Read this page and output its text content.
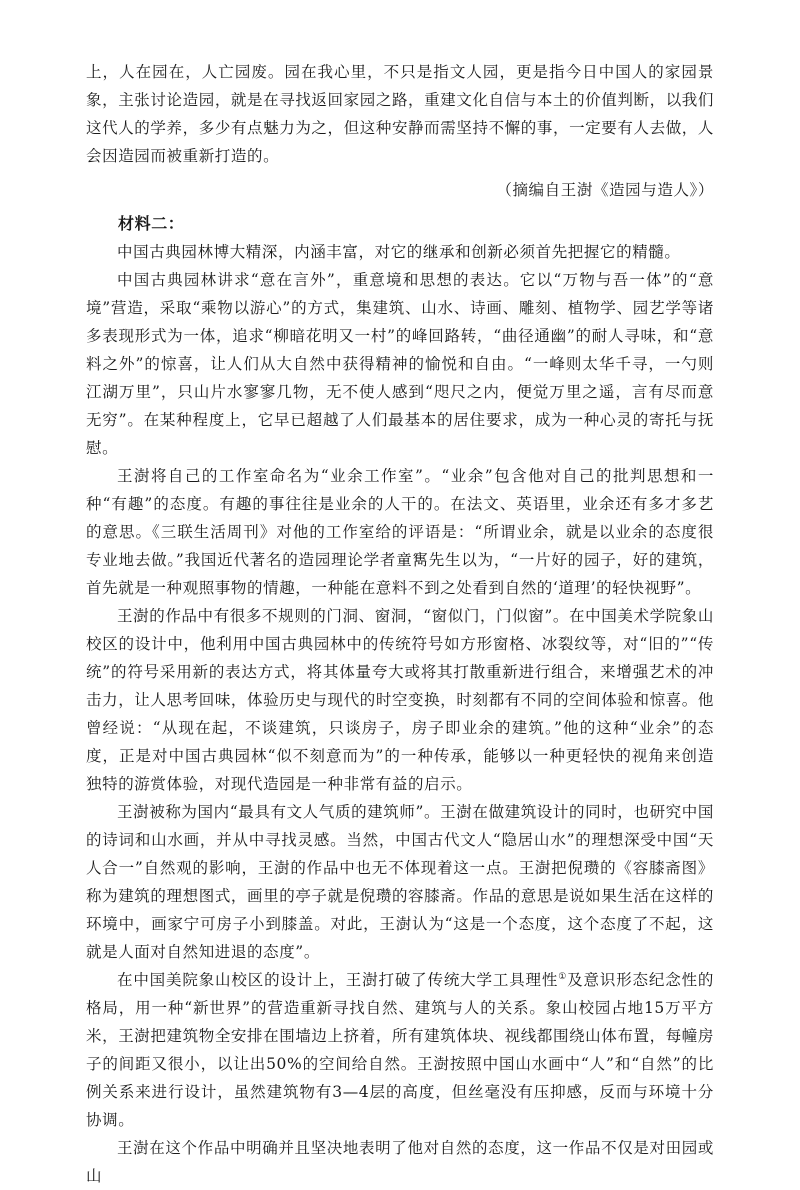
上，人在园在，人亡园废。园在我心里，不只是指文人园，更是指今日中国人的家园景象，主张讨论造园，就是在寻找返回家园之路，重建文化自信与本土的价值判断，以我们这代人的学养，多少有点魅力为之，但这种安静而需坚持不懈的事，一定要有人去做，人会因造园而被重新打造的。

（摘编自王澍《造园与造人》）

材料二：

中国古典园林博大精深，内涵丰富，对它的继承和创新必须首先把握它的精髓。

中国古典园林讲求“意在言外”，重意境和思想的表达。它以“万物与吾一体”的“意境”营造，采取“乘物以游心”的方式，集建筑、山水、诗画、雕刻、植物学、园艺学等诸多表现形式为一体，追求“柳暗花明又一村”的峰回路转，“曲径通幽”的耐人寻味，和“意料之外”的惊喜，让人们从大自然中获得精神的愉悦和自由。“一峰则太华千寻，一勺则江湖万里”，只山片水寥寥几物，无不使人感到“咫尺之内，便觉万里之遥，言有尽而意无穷”。在某种程度上，它早已超越了人们最基本的居住要求，成为一种心灵的寄托与抚慰。

王澍将自己的工作室命名为“业余工作室”。“业余”包含他对自己的批判思想和一种“有趣”的态度。有趣的事往往是业余的人干的。在法文、英语里，业余还有多才多艺的意思。《三联生活周刊》对他的工作室给的评语是：“所谓业余，就是以业余的态度很专业地去做。”我国近代著名的造园理论学者童寯先生以为，“一片好的园子，好的建筑，首先就是一种观照事物的情趣，一种能在意料不到之处看到自然的‘道理’的轻快视野”。

王澍的作品中有很多不规则的门洞、窗洞，“窗似门，门似窗”。在中国美术学院象山校区的设计中，他利用中国古典园林中的传统符号如方形窗格、冰裂纹等，对“旧的”“传统”的符号采用新的表达方式，将其体量夸大或将其打散重新进行组合，来增强艺术的冲击力，让人思考回味，体验历史与现代的时空变换，时刻都有不同的空间体验和惊喜。他曾经说：“从现在起，不谈建筑，只谈房子，房子即业余的建筑。”他的这种“业余”的态度，正是对中国古典园林“似不刻意而为”的一种传承，能够以一种更轻快的视角来创造独特的游赏体验，对现代造园是一种非常有益的启示。

王澍被称为国内“最具有文人气质的建筑师”。王澍在做建筑设计的同时，也研究中国的诗词和山水画，并从中寻找灵感。当然，中国古代文人“隐居山水”的理想深受中国“天人合一”自然观的影响，王澍的作品中也无不体现着这一点。王澍把倪瓒的《容膝斋图》称为建筑的理想图式，画里的亭子就是倪瓒的容膝斋。作品的意思是说如果生活在这样的环境中，画家宁可房子小到膝盖。对此，王澍认为“这是一个态度，这个态度了不起，这就是人面对自然知进退的态度”。

在中国美院象山校区的设计上，王澍打破了传统大学工具理性①及意识形态纪念性的格局，用一种“新世界”的营造重新寻找自然、建筑与人的关系。象山校园占地15万平方米，王澍把建筑物全安排在围墙边上挤着，所有建筑体块、视线都围绕山体布置，每幢房子的间距又很小，以让出50%的空间给自然。王澍按照中国山水画中“人”和“自然”的比例关系来进行设计，虽然建筑物有3—4层的高度，但丝毫没有压抑感，反而与环境十分协调。

王澍在这个作品中明确并且坚决地表明了他对自然的态度，这一作品不仅是对田园或山
